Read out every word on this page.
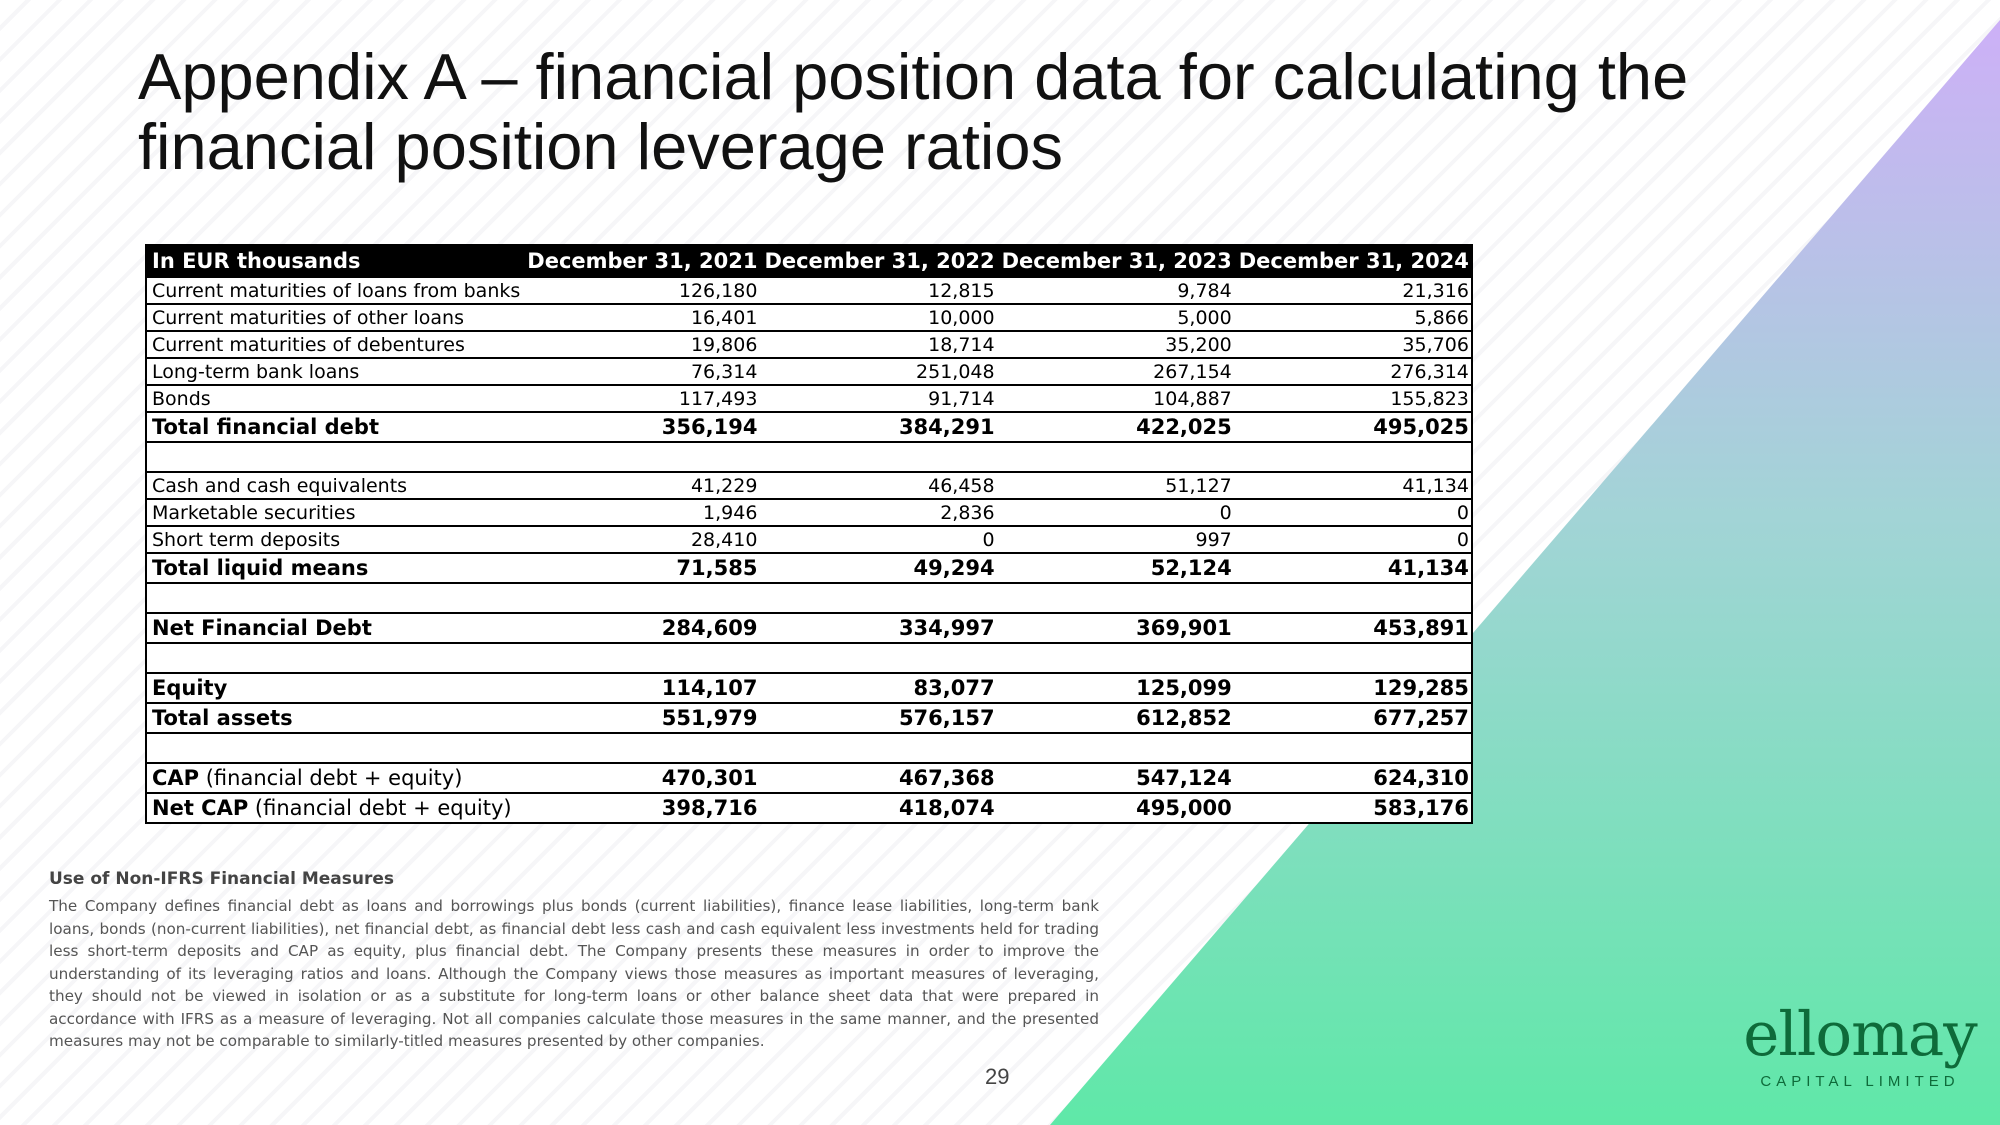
Appendix A – financial position data for calculating the financial position leverage ratios
In EUR thousands	December 31, 2021	December 31, 2022	December 31, 2023	December 31, 2024
Current maturities of loans from banks	126,180	12,815	9,784	21,316
Current maturities of other loans	16,401	10,000	5,000	5,866
Current maturities of debentures	19,806	18,714	35,200	35,706
Long-term bank loans	76,314	251,048	267,154	276,314
Bonds	117,493	91,714	104,887	155,823
Total financial debt	356,194	384,291	422,025	495,025

Cash and cash equivalents	41,229	46,458	51,127	41,134
Marketable securities	1,946	2,836	0	0
Short term deposits	28,410	0	997	0
Total liquid means	71,585	49,294	52,124	41,134

Net Financial Debt	284,609	334,997	369,901	453,891

Equity	114,107	83,077	125,099	129,285
Total assets	551,979	576,157	612,852	677,257

CAP (financial debt + equity)	470,301	467,368	547,124	624,310
Net CAP (financial debt + equity)	398,716	418,074	495,000	583,176
Use of Non-IFRS Financial Measures
The Company defines financial debt as loans and borrowings plus bonds (current liabilities), finance lease liabilities, long-term bank loans, bonds (non-current liabilities), net financial debt, as financial debt less cash and cash equivalent less investments held for trading less short-term deposits and CAP as equity, plus financial debt. The Company presents these measures in order to improve the understanding of its leveraging ratios and loans. Although the Company views those measures as important measures of leveraging, they should not be viewed in isolation or as a substitute for long-term loans or other balance sheet data that were prepared in accordance with IFRS as a measure of leveraging. Not all companies calculate those measures in the same manner, and the presented measures may not be comparable to similarly-titled measures presented by other companies.
29
ellomay
CAPITAL LIMITED
